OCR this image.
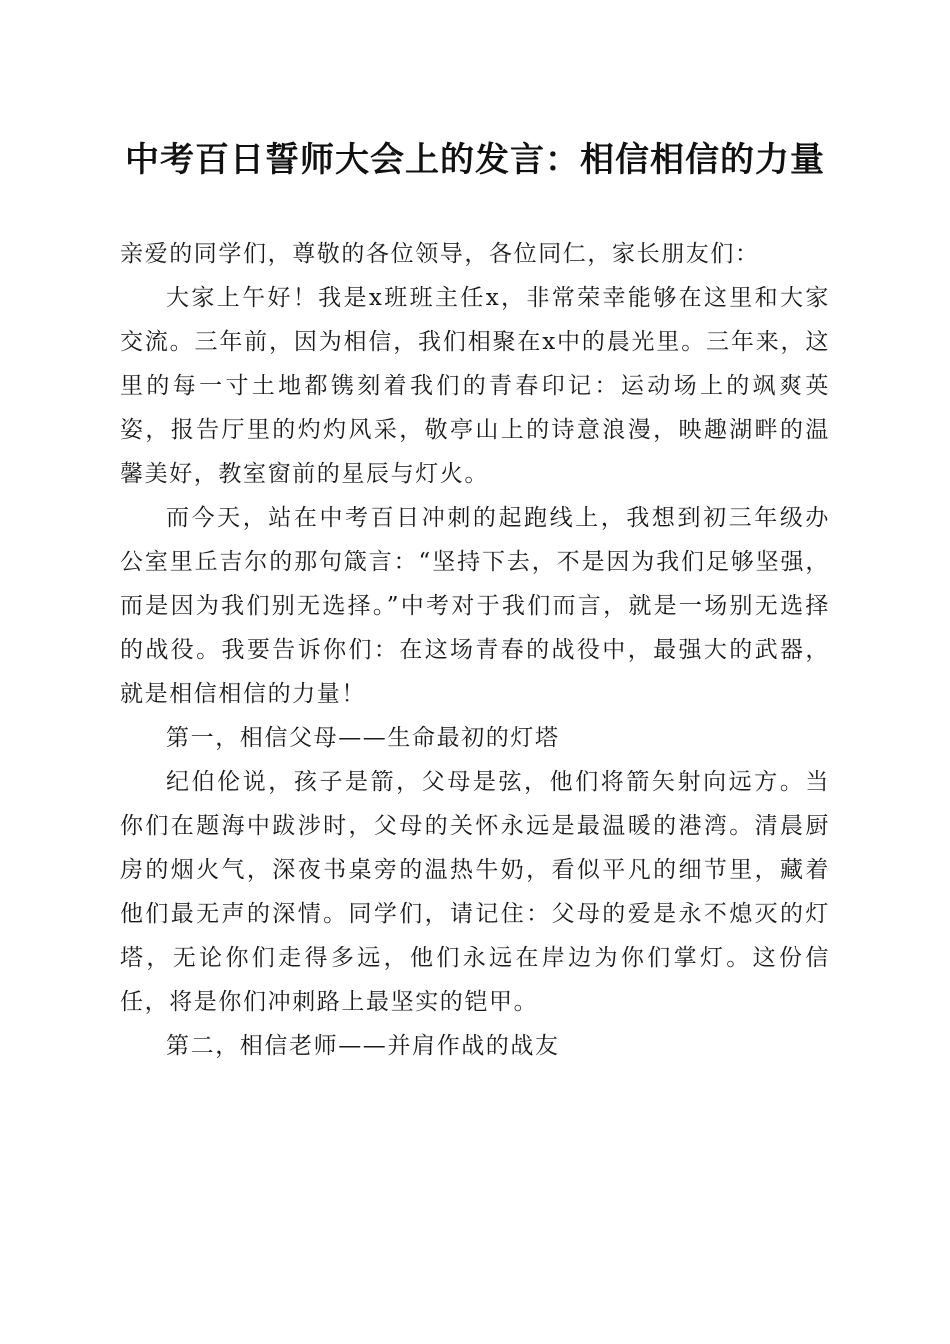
中考百日誓师大会上的发言：相信相信的力量

亲爱的同学们，尊敬的各位领导，各位同仁，家长朋友们：

大家上午好！我是x班班主任x，非常荣幸能够在这里和大家交流。三年前，因为相信，我们相聚在x中的晨光里。三年来，这里的每一寸土地都镌刻着我们的青春印记：运动场上的飒爽英姿，报告厅里的灼灼风采，敬亭山上的诗意浪漫，映趣湖畔的温馨美好，教室窗前的星辰与灯火。

而今天，站在中考百日冲刺的起跑线上，我想到初三年级办公室里丘吉尔的那句箴言：“坚持下去，不是因为我们足够坚强，而是因为我们别无选择。”中考对于我们而言，就是一场别无选择的战役。我要告诉你们：在这场青春的战役中，最强大的武器，就是相信相信的力量！

第一，相信父母——生命最初的灯塔

纪伯伦说，孩子是箭，父母是弦，他们将箭矢射向远方。当你们在题海中跋涉时，父母的关怀永远是最温暖的港湾。清晨厨房的烟火气，深夜书桌旁的温热牛奶，看似平凡的细节里，藏着他们最无声的深情。同学们，请记住：父母的爱是永不熄灭的灯塔，无论你们走得多远，他们永远在岸边为你们掌灯。这份信任，将是你们冲刺路上最坚实的铠甲。

第二，相信老师——并肩作战的战友
